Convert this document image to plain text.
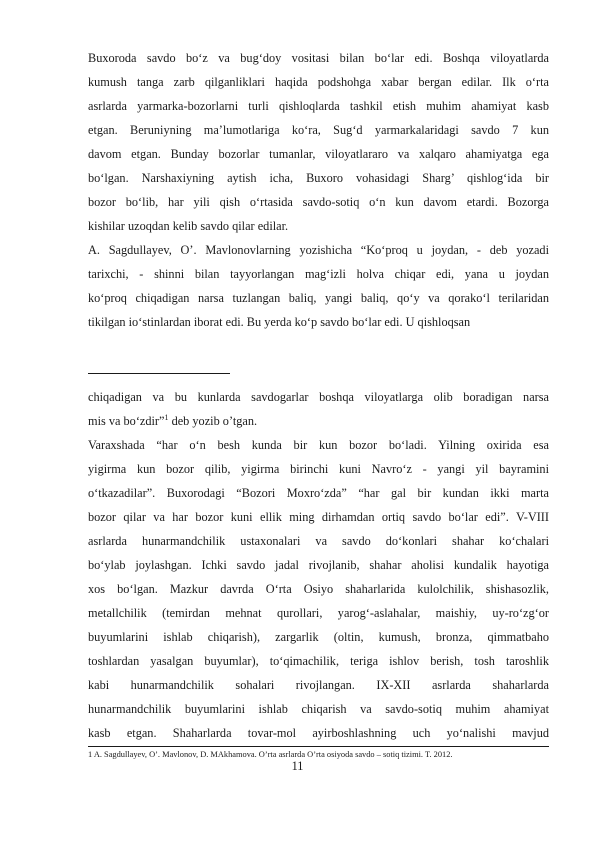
Buxoroda savdo bo‘z va bug‘doy vositasi bilan bo‘lar edi. Boshqa viloyatlarda
kumush tanga zarb qilganliklari haqida podshohga xabar bergan edilar. Ilk o‘rta
asrlarda yarmarka-bozorlarni turli qishloqlarda tashkil etish muhim ahamiyat kasb
etgan. Beruniyning ma’lumotlariga ko‘ra, Sug‘d yarmarkalaridagi savdo 7 kun
davom etgan. Bunday bozorlar tumanlar, viloyatlararo va xalqaro ahamiyatga ega
bo‘lgan. Narshaxiyning aytish icha, Buxoro vohasidagi Sharg’ qishlog‘ida bir
bozor bo‘lib, har yili qish o‘rtasida savdo-sotiq o‘n kun davom etardi. Bozorga
kishilar uzoqdan kelib savdo qilar edilar.
A. Sagdullayev, O’. Mavlonovlarning yozishicha “Ko‘proq u joydan, - deb yozadi
tarixchi, - shinni bilan tayyorlangan mag‘izli holva chiqar edi, yana u joydan
ko‘proq chiqadigan narsa tuzlangan baliq, yangi baliq, qo‘y va qorako‘l terilaridan
tikilgan io‘stinlardan iborat edi. Bu yerda ko‘p savdo bo‘lar edi. U qishloqsan
chiqadigan va bu kunlarda savdogarlar boshqa viloyatlarga olib boradigan narsa
mis va bo‘zdir”$^1$ deb yozib o’tgan.
Varaxshada “har o‘n besh kunda bir kun bozor bo‘ladi. Yilning oxirida esa
yigirma kun bozor qilib, yigirma birinchi kuni Navro‘z - yangi yil bayramini
o‘tkazadilar”. Buxorodagi “Bozori Moxro‘zda” “har gal bir kundan ikki marta
bozor qilar va har bozor kuni ellik ming dirhamdan ortiq savdo bo‘lar edi”. V-VIII
asrlarda hunarmandchilik ustaxonalari va savdo do‘konlari shahar ko‘chalari
bo‘ylab joylashgan. Ichki savdo jadal rivojlanib, shahar aholisi kundalik hayotiga
xos bo‘lgan. Mazkur davrda O‘rta Osiyo shaharlarida kulolchilik, shishasozlik,
metallchilik (temirdan mehnat qurollari, yarog‘-aslahalar, maishiy, uy-ro‘zg‘or
buyumlarini ishlab chiqarish), zargarlik (oltin, kumush, bronza, qimmatbaho
toshlardan yasalgan buyumlar), to‘qimachilik, teriga ishlov berish, tosh taroshlik
kabi hunarmandchilik sohalari rivojlangan. IX-XII asrlarda shaharlarda
hunarmandchilik buyumlarini ishlab chiqarish va savdo-sotiq muhim ahamiyat
kasb etgan. Shaharlarda tovar-mol ayirboshlashning uch yo‘nalishi mavjud
1 A. Sagdullayev, O’. Mavlonov, D. MAkhamova. O’rta asrlarda O’rta osiyoda savdo – sotiq tizimi. T. 2012.
11
